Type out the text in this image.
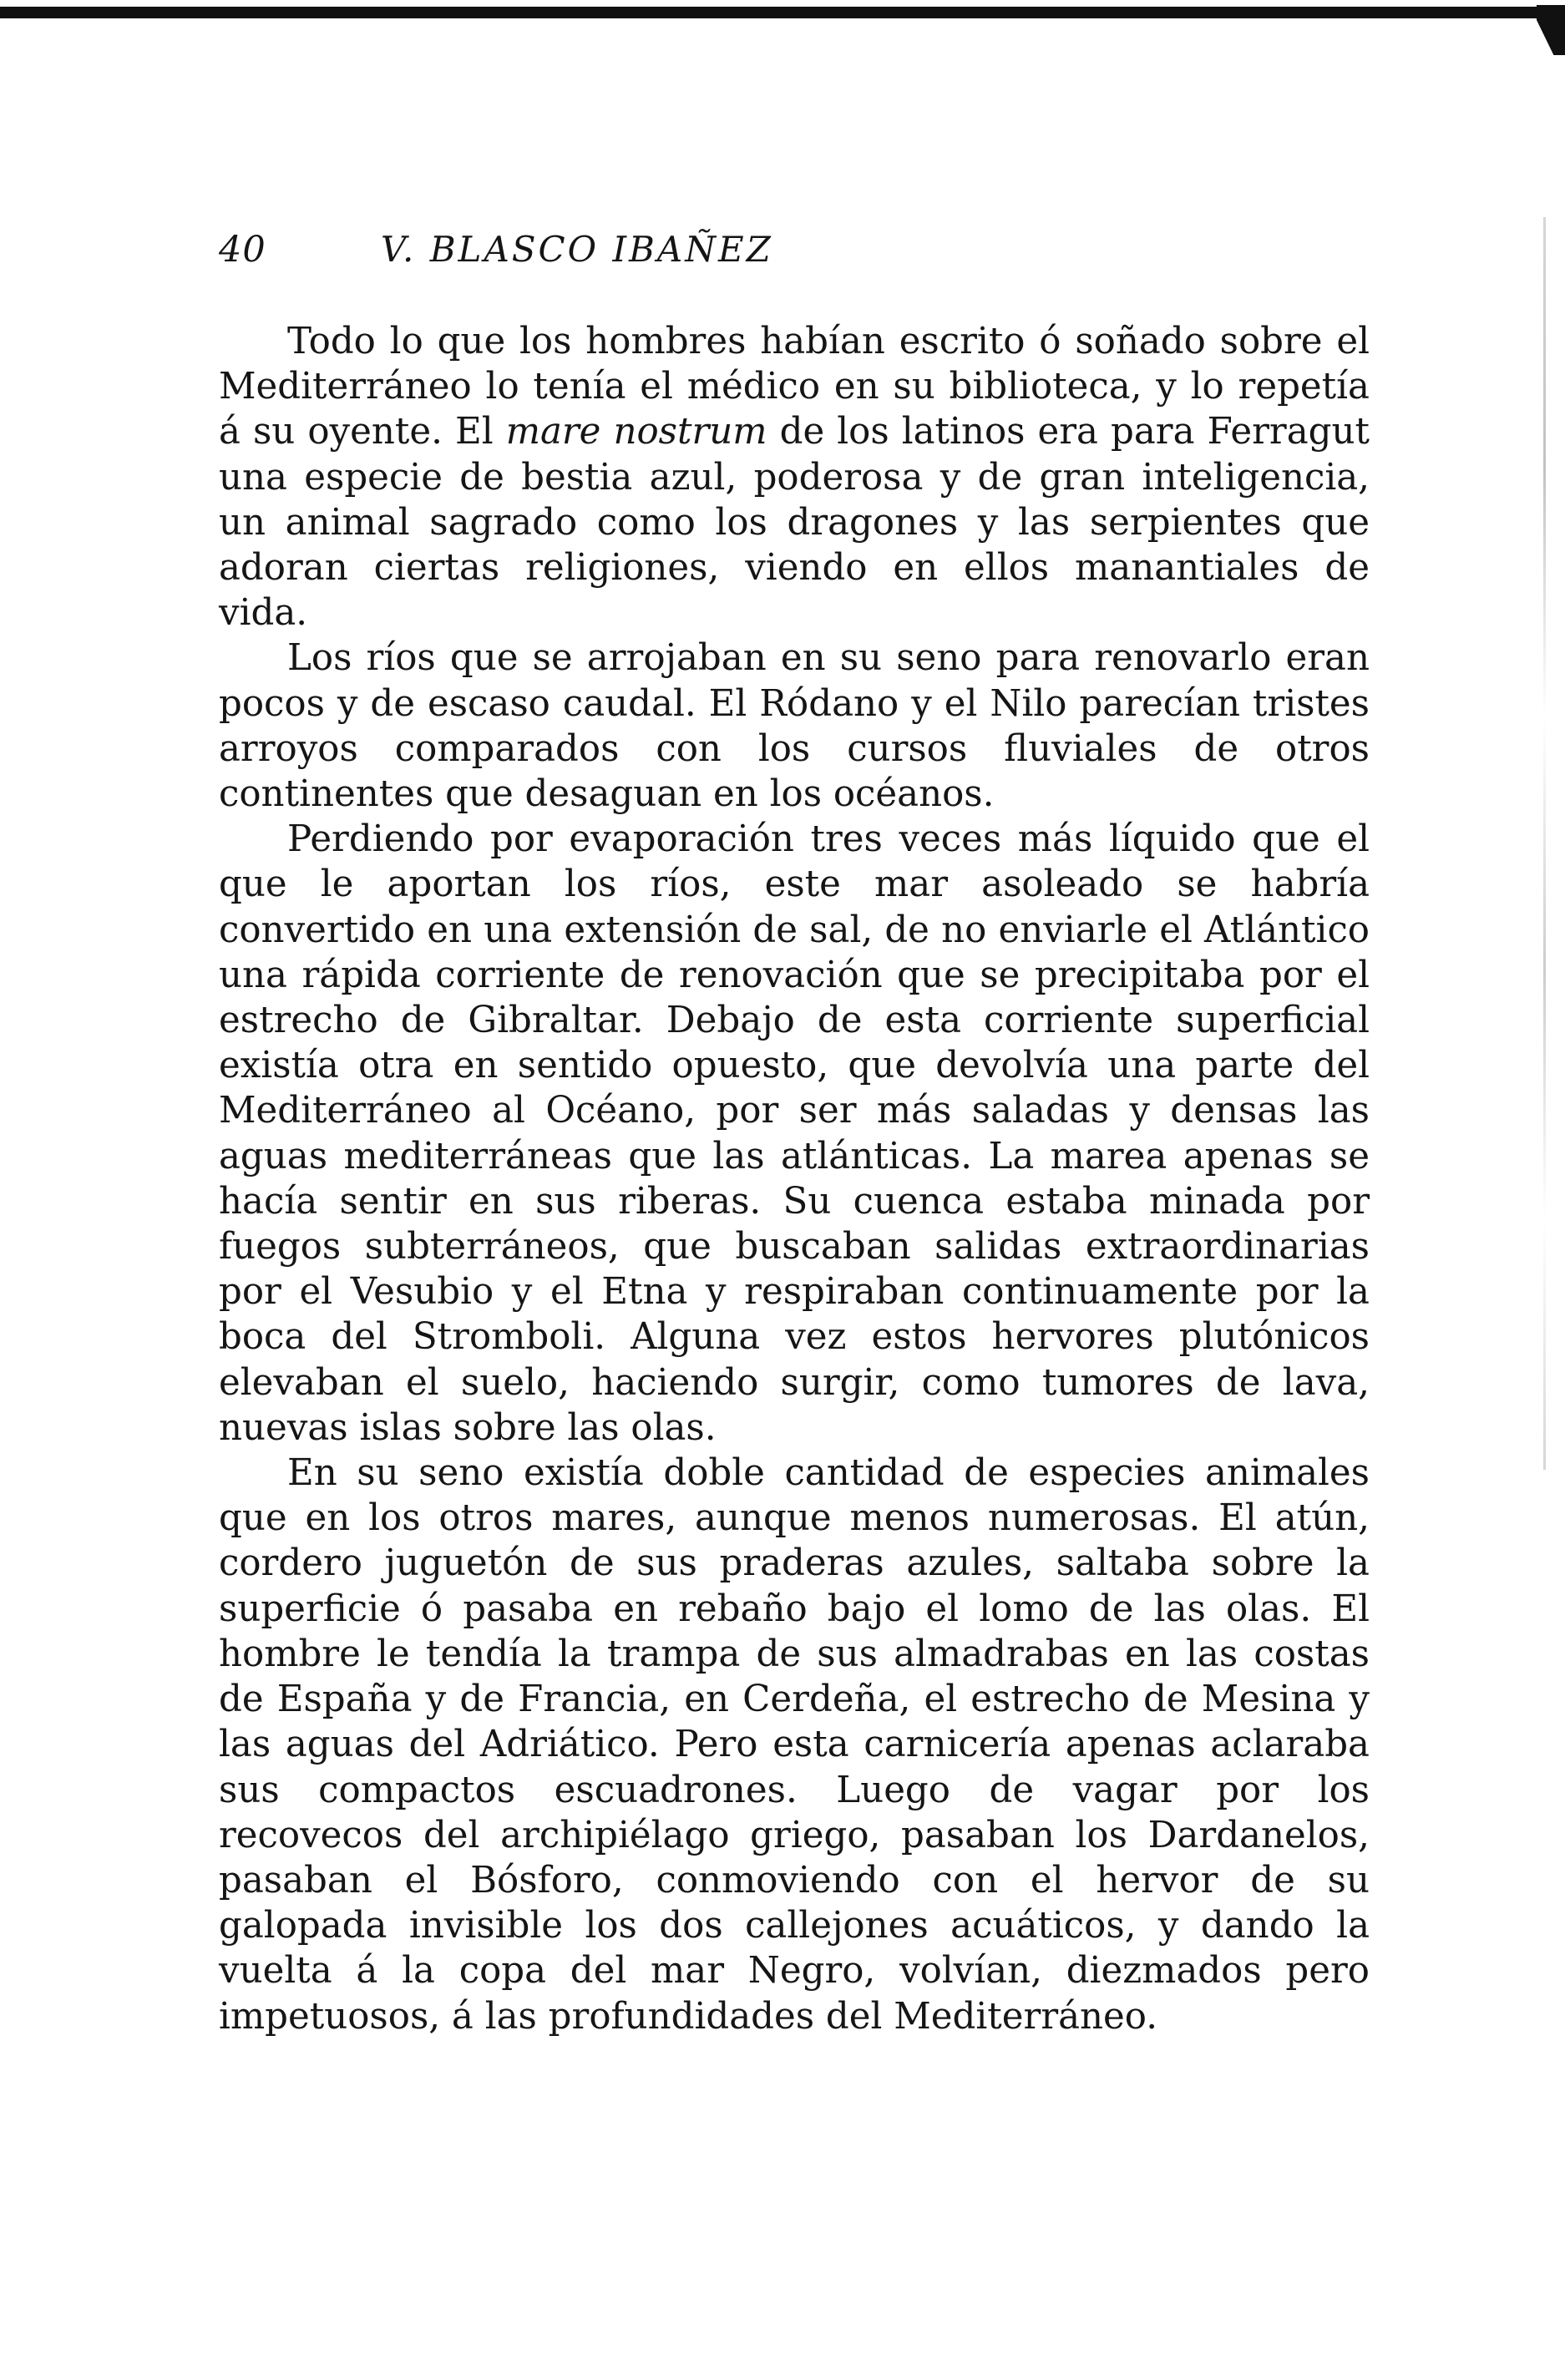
40	V. BLASCO IBAÑEZ

Todo lo que los hombres habían escrito ó soñado sobre el Mediterráneo lo tenía el médico en su biblioteca, y lo repetía á su oyente. El mare nostrum de los latinos era para Ferragut una especie de bestia azul, poderosa y de gran inteligencia, un animal sagrado como los dragones y las serpientes que adoran ciertas religiones, viendo en ellos manantiales de vida.

Los ríos que se arrojaban en su seno para renovarlo eran pocos y de escaso caudal. El Ródano y el Nilo parecían tristes arroyos comparados con los cursos fluviales de otros continentes que desaguan en los océanos.

Perdiendo por evaporación tres veces más líquido que el que le aportan los ríos, este mar asoleado se habría convertido en una extensión de sal, de no enviarle el Atlántico una rápida corriente de renovación que se precipitaba por el estrecho de Gibraltar. Debajo de esta corriente superficial existía otra en sentido opuesto, que devolvía una parte del Mediterráneo al Océano, por ser más saladas y densas las aguas mediterráneas que las atlánticas. La marea apenas se hacía sentir en sus riberas. Su cuenca estaba minada por fuegos subterráneos, que buscaban salidas extraordinarias por el Vesubio y el Etna y respiraban continuamente por la boca del Stromboli. Alguna vez estos hervores plutónicos elevaban el suelo, haciendo surgir, como tumores de lava, nuevas islas sobre las olas.

En su seno existía doble cantidad de especies animales que en los otros mares, aunque menos numerosas. El atún, cordero juguetón de sus praderas azules, saltaba sobre la superficie ó pasaba en rebaño bajo el lomo de las olas. El hombre le tendía la trampa de sus almadrabas en las costas de España y de Francia, en Cerdeña, el estrecho de Mesina y las aguas del Adriático. Pero esta carnicería apenas aclaraba sus compactos escuadrones. Luego de vagar por los recovecos del archipiélago griego, pasaban los Dardanelos, pasaban el Bósforo, conmoviendo con el hervor de su galopada invisible los dos callejones acuáticos, y dando la vuelta á la copa del mar Negro, volvían, diezmados pero impetuosos, á las profundidades del Mediterráneo.
